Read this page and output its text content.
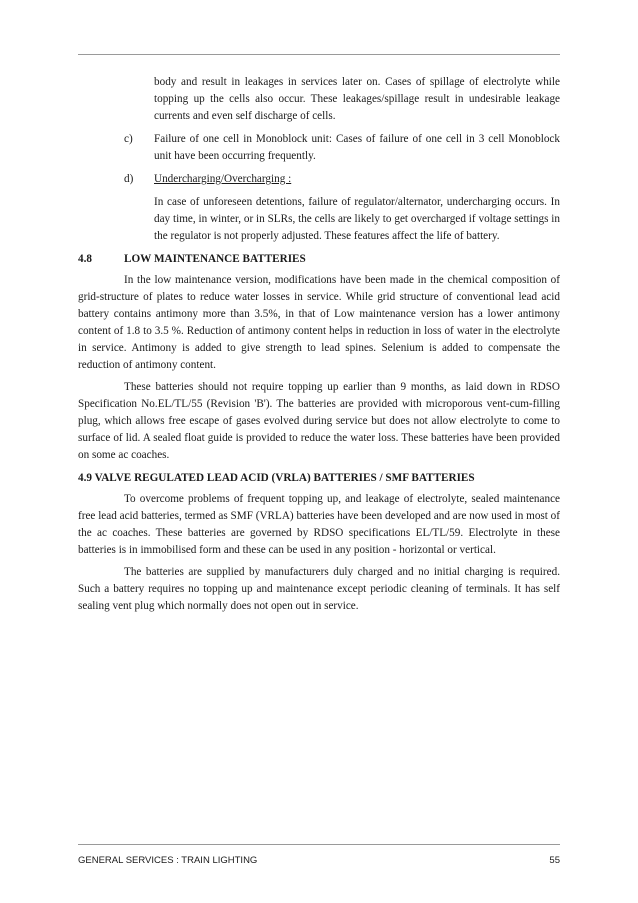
body and result in leakages in services later on. Cases of spillage of electrolyte while topping up the cells also occur. These leakages/spillage result in undesirable leakage currents and even self discharge of cells.

c) Failure of one cell in Monoblock unit: Cases of failure of one cell in 3 cell Monoblock unit have been occurring frequently.

d) Undercharging/Overcharging :

In case of unforeseen detentions, failure of regulator/alternator, undercharging occurs. In day time, in winter, or in SLRs, the cells are likely to get overcharged if voltage settings in the regulator is not properly adjusted. These features affect the life of battery.

4.8	LOW MAINTENANCE BATTERIES

In the low maintenance version, modifications have been made in the chemical composition of grid-structure of plates to reduce water losses in service. While grid structure of conventional lead acid battery contains antimony more than 3.5%, in that of Low maintenance version has a lower antimony content of 1.8 to 3.5 %. Reduction of antimony content helps in reduction in loss of water in the electrolyte in service. Antimony is added to give strength to lead spines. Selenium is added to compensate the reduction of antimony content.

These batteries should not require topping up earlier than 9 months, as laid down in RDSO Specification No.EL/TL/55 (Revision 'B'). The batteries are provided with microporous vent-cum-filling plug, which allows free escape of gases evolved during service but does not allow electrolyte to come to surface of lid. A sealed float guide is provided to reduce the water loss. These batteries have been provided on some ac coaches.

4.9 VALVE REGULATED LEAD ACID (VRLA) BATTERIES / SMF BATTERIES

To overcome problems of frequent topping up, and leakage of electrolyte, sealed maintenance free lead acid batteries, termed as SMF (VRLA) batteries have been developed and are now used in most of the ac coaches. These batteries are governed by RDSO specifications EL/TL/59. Electrolyte in these batteries is in immobilised form and these can be used in any position - horizontal or vertical.

The batteries are supplied by manufacturers duly charged and no initial charging is required. Such a battery requires no topping up and maintenance except periodic cleaning of terminals. It has self sealing vent plug which normally does not open out in service.

GENERAL SERVICES : TRAIN LIGHTING	55
